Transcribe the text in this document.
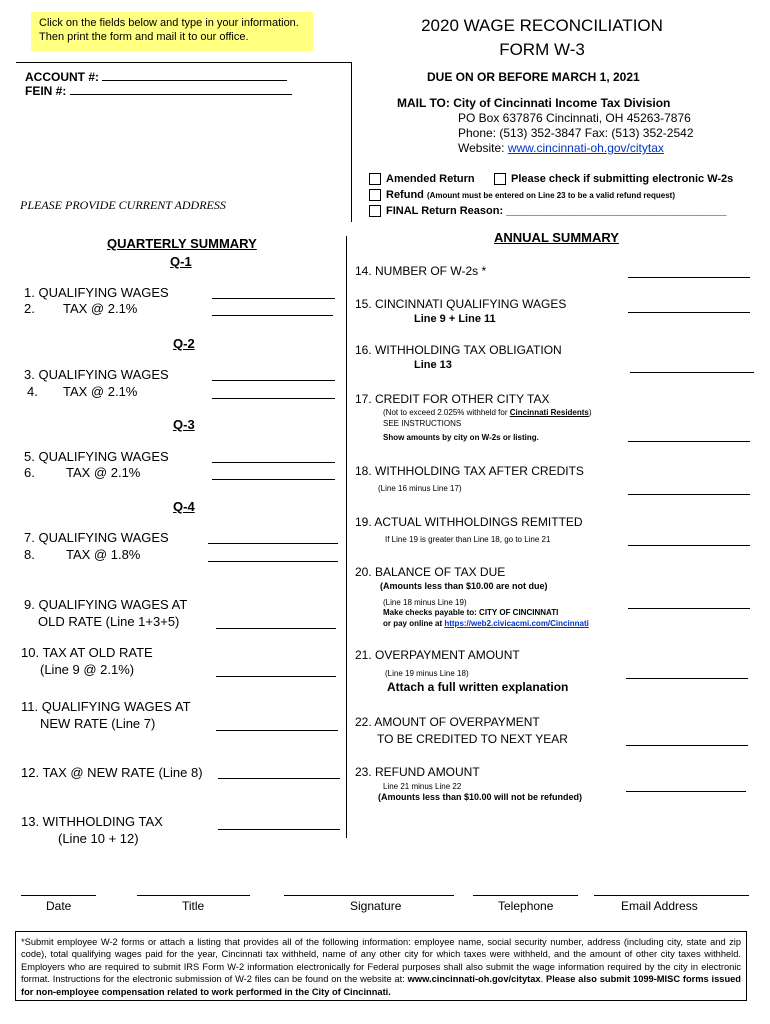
Click on the fields below and type in your information.
Then print the form and mail it to our office.
2020 WAGE RECONCILIATION
FORM W-3
ACCOUNT #:
FEIN #:
PLEASE PROVIDE CURRENT ADDRESS
DUE ON OR BEFORE MARCH 1, 2021
MAIL TO: City of Cincinnati Income Tax Division
PO Box 637876 Cincinnati, OH 45263-7876
Phone: (513) 352-3847 Fax: (513) 352-2542
Website: www.cincinnati-oh.gov/citytax
Amended Return	Please check if submitting electronic W-2s
Refund (Amount must be entered on Line 23 to be a valid refund request)
FINAL Return Reason: ____________________________________
QUARTERLY SUMMARY
Q-1
1. QUALIFYING WAGES
2. TAX @ 2.1%
Q-2
3. QUALIFYING WAGES
4. TAX @ 2.1%
Q-3
5. QUALIFYING WAGES
6. TAX @ 2.1%
Q-4
7. QUALIFYING WAGES
8. TAX @ 1.8%
9. QUALIFYING WAGES AT
OLD RATE (Line 1+3+5)
10. TAX AT OLD RATE
(Line 9 @ 2.1%)
11. QUALIFYING WAGES AT
NEW RATE (Line 7)
12. TAX @ NEW RATE (Line 8)
13. WITHHOLDING TAX
(Line 10 + 12)
ANNUAL SUMMARY
14. NUMBER OF W-2s *
15. CINCINNATI QUALIFYING WAGES
Line 9 + Line 11
16. WITHHOLDING TAX OBLIGATION
Line 13
17. CREDIT FOR OTHER CITY TAX
(Not to exceed 2.025% withheld for Cincinnati Residents)
SEE INSTRUCTIONS
Show amounts by city on W-2s or listing.
18. WITHHOLDING TAX AFTER CREDITS
(Line 16 minus Line 17)
19. ACTUAL WITHHOLDINGS REMITTED
If Line 19 is greater than Line 18, go to Line 21
20. BALANCE OF TAX DUE
(Amounts less than $10.00 are not due)
(Line 18 minus Line 19)
Make checks payable to: CITY OF CINCINNATI
or pay online at https://web2.civicacmi.com/Cincinnati
21. OVERPAYMENT AMOUNT
(Line 19 minus Line 18)
Attach a full written explanation
22. AMOUNT OF OVERPAYMENT
TO BE CREDITED TO NEXT YEAR
23. REFUND AMOUNT
Line 21 minus Line 22
(Amounts less than $10.00 will not be refunded)
Date	Title	Signature	Telephone	Email Address
*Submit employee W-2 forms or attach a listing that provides all of the following information: employee name, social security number, address (including city, state and zip code), total qualifying wages paid for the year, Cincinnati tax withheld, name of any other city for which taxes were withheld, and the amount of other city taxes withheld. Employers who are required to submit IRS Form W-2 information electronically for Federal purposes shall also submit the wage information required by the city in electronic format. Instructions for the electronic submission of W-2 files can be found on the website at: www.cincinnati-oh.gov/citytax. Please also submit 1099-MISC forms issued for non-employee compensation related to work performed in the City of Cincinnati.
